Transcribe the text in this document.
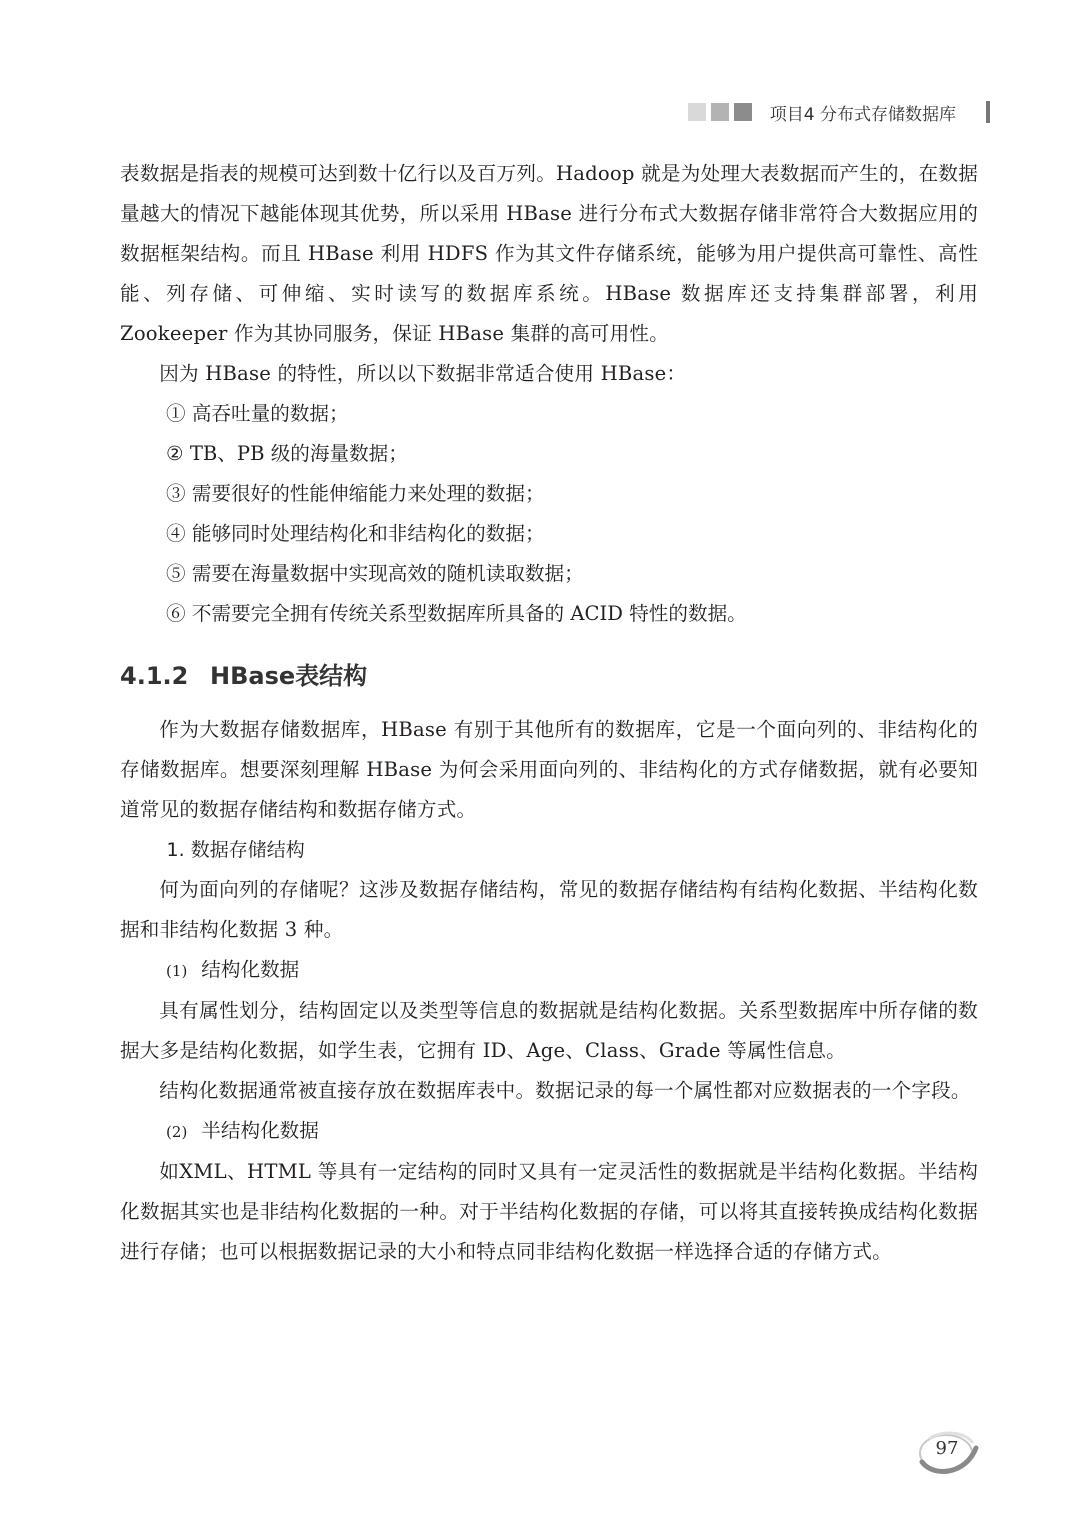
项目4 分布式存储数据库

表数据是指表的规模可达到数十亿行以及百万列。Hadoop 就是为处理大表数据而产生的，在数据量越大的情况下越能体现其优势，所以采用 HBase 进行分布式大数据存储非常符合大数据应用的数据框架结构。而且 HBase 利用 HDFS 作为其文件存储系统，能够为用户提供高可靠性、高性能、列存储、可伸缩、实时读写的数据库系统。HBase 数据库还支持集群部署，利用 Zookeeper 作为其协同服务，保证 HBase 集群的高可用性。

因为 HBase 的特性，所以以下数据非常适合使用 HBase：

① 高吞吐量的数据；

② TB、PB 级的海量数据；

③ 需要很好的性能伸缩能力来处理的数据；

④ 能够同时处理结构化和非结构化的数据；

⑤ 需要在海量数据中实现高效的随机读取数据；

⑥ 不需要完全拥有传统关系型数据库所具备的 ACID 特性的数据。

4.1.2 HBase表结构

作为大数据存储数据库，HBase 有别于其他所有的数据库，它是一个面向列的、非结构化的存储数据库。想要深刻理解 HBase 为何会采用面向列的、非结构化的方式存储数据，就有必要知道常见的数据存储结构和数据存储方式。

1. 数据存储结构

何为面向列的存储呢？这涉及数据存储结构，常见的数据存储结构有结构化数据、半结构化数据和非结构化数据 3 种。

(1) 结构化数据

具有属性划分，结构固定以及类型等信息的数据就是结构化数据。关系型数据库中所存储的数据大多是结构化数据，如学生表，它拥有 ID、Age、Class、Grade 等属性信息。

结构化数据通常被直接存放在数据库表中。数据记录的每一个属性都对应数据表的一个字段。

(2) 半结构化数据

如XML、HTML 等具有一定结构的同时又具有一定灵活性的数据就是半结构化数据。半结构化数据其实也是非结构化数据的一种。对于半结构化数据的存储，可以将其直接转换成结构化数据进行存储；也可以根据数据记录的大小和特点同非结构化数据一样选择合适的存储方式。

97
